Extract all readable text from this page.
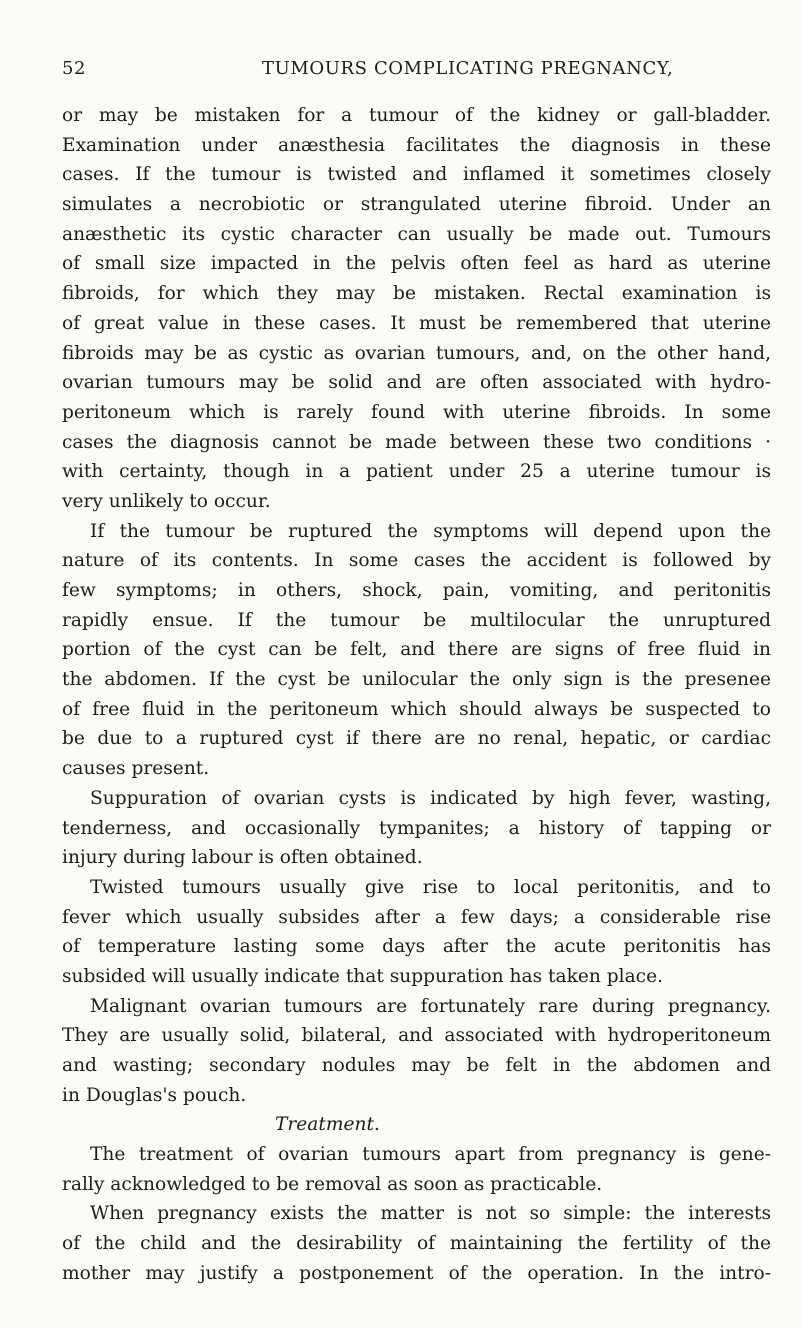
52	TUMOURS COMPLICATING PREGNANCY,
or may be mistaken for a tumour of the kidney or gall-bladder.
Examination under anæsthesia facilitates the diagnosis in these
cases. If the tumour is twisted and inflamed it sometimes closely
simulates a necrobiotic or strangulated uterine fibroid. Under an
anæsthetic its cystic character can usually be made out. Tumours
of small size impacted in the pelvis often feel as hard as uterine
fibroids, for which they may be mistaken. Rectal examination is
of great value in these cases. It must be remembered that uterine
fibroids may be as cystic as ovarian tumours, and, on the other hand,
ovarian tumours may be solid and are often associated with hydro-
peritoneum which is rarely found with uterine fibroids. In some
cases the diagnosis cannot be made between these two conditions ·
with certainty, though in a patient under 25 a uterine tumour is
very unlikely to occur.
If the tumour be ruptured the symptoms will depend upon the
nature of its contents. In some cases the accident is followed by
few symptoms; in others, shock, pain, vomiting, and peritonitis
rapidly ensue. If the tumour be multilocular the unruptured
portion of the cyst can be felt, and there are signs of free fluid in
the abdomen. If the cyst be unilocular the only sign is the presenee
of free fluid in the peritoneum which should always be suspected to
be due to a ruptured cyst if there are no renal, hepatic, or cardiac
causes present.
Suppuration of ovarian cysts is indicated by high fever, wasting,
tenderness, and occasionally tympanites; a history of tapping or
injury during labour is often obtained.
Twisted tumours usually give rise to local peritonitis, and to
fever which usually subsides after a few days; a considerable rise
of temperature lasting some days after the acute peritonitis has
subsided will usually indicate that suppuration has taken place.
Malignant ovarian tumours are fortunately rare during pregnancy.
They are usually solid, bilateral, and associated with hydroperitoneum
and wasting; secondary nodules may be felt in the abdomen and
in Douglas's pouch.
Treatment.
The treatment of ovarian tumours apart from pregnancy is gene-
rally acknowledged to be removal as soon as practicable.
When pregnancy exists the matter is not so simple: the interests
of the child and the desirability of maintaining the fertility of the
mother may justify a postponement of the operation. In the intro-
